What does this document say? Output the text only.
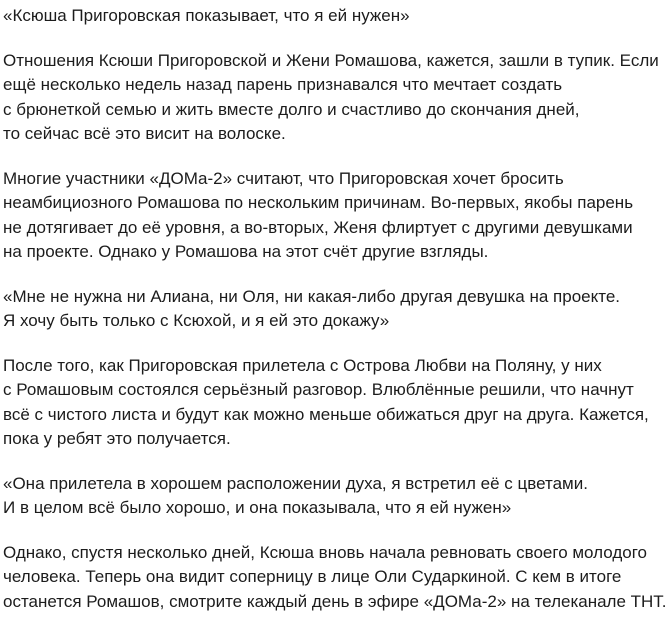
«Ксюша Пригоровская показывает, что я ей нужен»
Отношения Ксюши Пригоровской и Жени Ромашова, кажется, зашли в тупик. Если
ещё несколько недель назад парень признавался что мечтает создать
с брюнеткой семью и жить вместе долго и счастливо до скончания дней,
то сейчас всё это висит на волоске.
Многие участники «ДОМа-2» считают, что Пригоровская хочет бросить
неамбициозного Ромашова по нескольким причинам. Во-первых, якобы парень
не дотягивает до её уровня, а во-вторых, Женя флиртует с другими девушками
на проекте. Однако у Ромашова на этот счёт другие взгляды.
«Мне не нужна ни Алиана, ни Оля, ни какая-либо другая девушка на проекте.
Я хочу быть только с Ксюхой, и я ей это докажу»
После того, как Пригоровская прилетела с Острова Любви на Поляну, у них
с Ромашовым состоялся серьёзный разговор. Влюблённые решили, что начнут
всё с чистого листа и будут как можно меньше обижаться друг на друга. Кажется,
пока у ребят это получается.
«Она прилетела в хорошем расположении духа, я встретил её с цветами.
И в целом всё было хорошо, и она показывала, что я ей нужен»
Однако, спустя несколько дней, Ксюша вновь начала ревновать своего молодого
человека. Теперь она видит соперницу в лице Оли Сударкиной. С кем в итоге
останется Ромашов, смотрите каждый день в эфире «ДОМа-2» на телеканале ТНТ.
